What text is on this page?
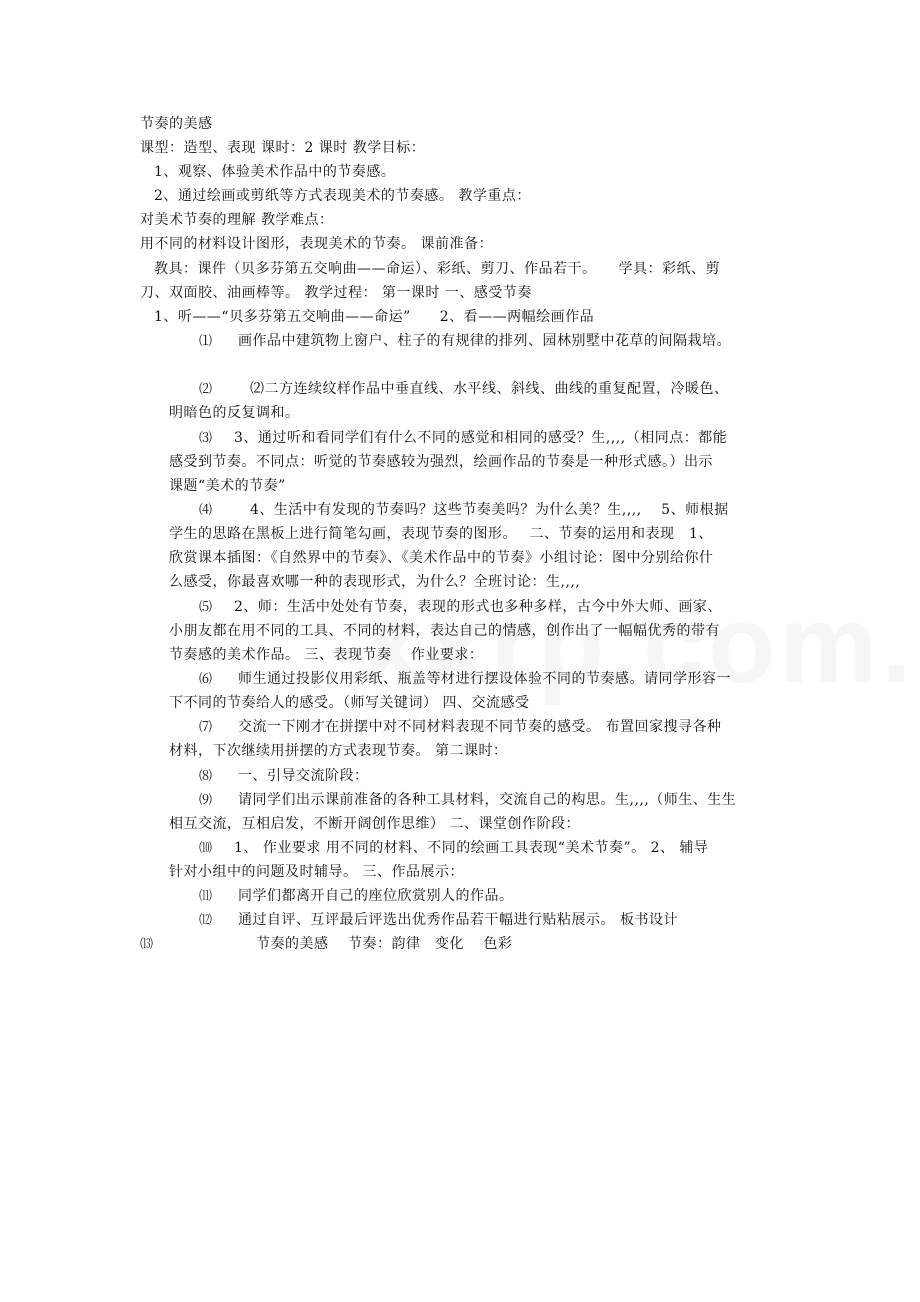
节奏的美感
课型：造型、表现 课时：2 课时 教学目标：
1、观察、体验美术作品中的节奏感。
2、通过绘画或剪纸等方式表现美术的节奏感。 教学重点：
对美术节奏的理解 教学难点：
用不同的材料设计图形，表现美术的节奏。 课前准备：
教具：课件（贝多芬第五交响曲——命运）、彩纸、剪刀、作品若干。　　学具：彩纸、剪
刀、双面胶、油画棒等。 教学过程： 第一课时 一、感受节奏
1、听——“贝多芬第五交响曲——命运”　　2、看——两幅绘画作品
⑴ 画作品中建筑物上窗户、柱子的有规律的排列、园林别墅中花草的间隔栽培。
⑵	⑵二方连续纹样作品中垂直线、水平线、斜线、曲线的重复配置，冷暖色、
明暗色的反复调和。
⑶ 3、通过听和看同学们有什么不同的感觉和相同的感受？生,,,,（相同点：都能
感受到节奏。不同点：听觉的节奏感较为强烈，绘画作品的节奏是一种形式感。）出示
课题“美术的节奏”
⑷	4、生活中有发现的节奏吗？这些节奏美吗？为什么美？生,,,,　 5、师根据
学生的思路在黑板上进行简笔勾画，表现节奏的图形。　 二、节奏的运用和表现　1、
欣赏课本插图：《自然界中的节奏》、《美术作品中的节奏》小组讨论：图中分别给你什
么感受，你最喜欢哪一种的表现形式，为什么？全班讨论：生,,,,
⑸ 2、师：生活中处处有节奏，表现的形式也多种多样，古今中外大师、画家、
小朋友都在用不同的工具、不同的材料，表达自己的情感，创作出了一幅幅优秀的带有
节奏感的美术作品。 三、表现节奏　 作业要求：
⑹ 师生通过投影仪用彩纸、瓶盖等材进行摆设体验不同的节奏感。请同学形容一
下不同的节奏给人的感受。（师写关键词） 四、交流感受
⑺ 交流一下刚才在拼摆中对不同材料表现不同节奏的感受。 布置回家搜寻各种
材料，下次继续用拼摆的方式表现节奏。 第二课时：
⑻ 一、引导交流阶段：
⑼ 请同学们出示课前准备的各种工具材料，交流自己的构思。生,,,,（师生、生生
相互交流，互相启发，不断开阔创作思维） 二、课堂创作阶段：
⑽ 1、 作业要求 用不同的材料、不同的绘画工具表现“美术节奏”。 2、 辅导
针对小组中的问题及时辅导。 三、作品展示：
⑾ 同学们都离开自己的座位欣赏别人的作品。
⑿ 通过自评、互评最后评选出优秀作品若干幅进行贴粘展示。 板书设计
⒀	节奏的美感　 节奏：韵律　变化　 色彩
